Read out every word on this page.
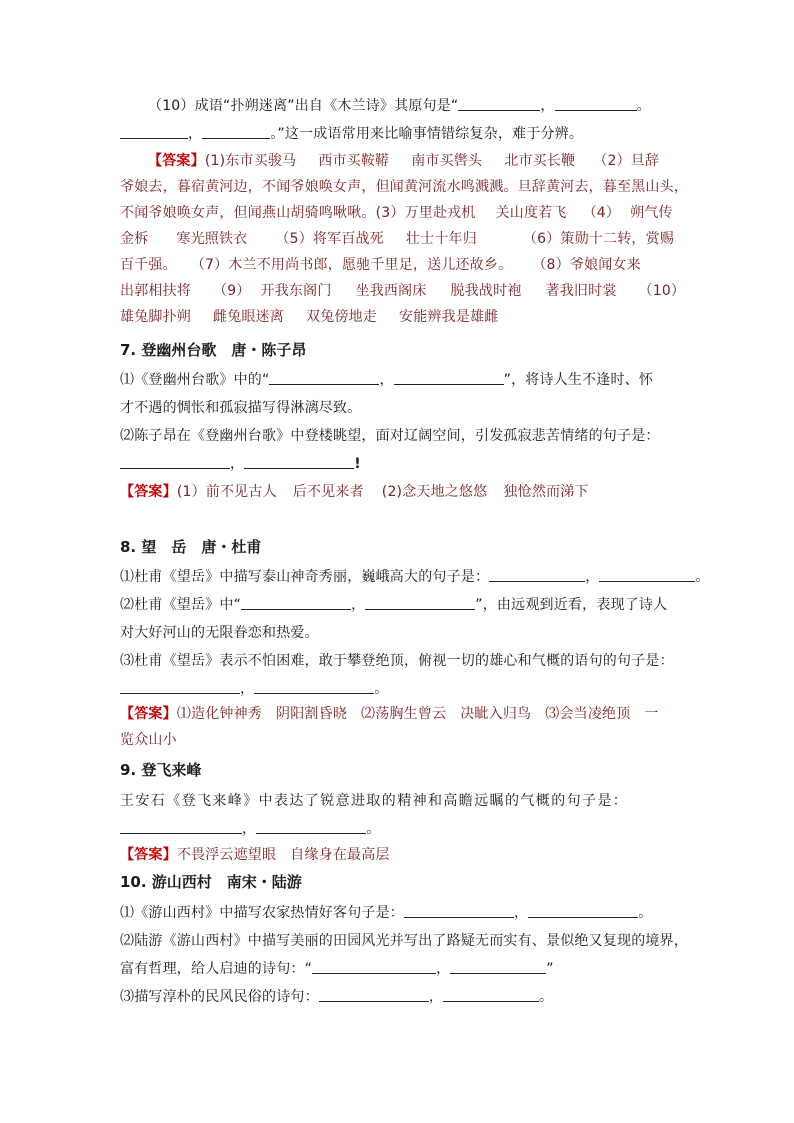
（10）成语“扑朔迷离”出自《木兰诗》其原句是“	，	。
，	。”这一成语常用来比喻事情错综复杂，难于分辨。
【答案】(1)东市买骏马 西市买鞍鞯 南市买辔头 北市买长鞭 （2）旦辞
爷娘去，暮宿黄河边，不闻爷娘唤女声，但闻黄河流水鸣溅溅。旦辞黄河去，暮至黑山头，
不闻爷娘唤女声，但闻燕山胡骑鸣啾啾。(3）万里赴戎机 关山度若飞 （4） 朔气传
金柝 寒光照铁衣 （5）将军百战死 壮士十年归	（6）策勋十二转，赏赐
百千强。 （7）木兰不用尚书郎，愿驰千里足，送儿还故乡。 （8）爷娘闻女来
出郭相扶将 （9） 开我东阁门 坐我西阁床 脱我战时袍 著我旧时裳 （10）
雄兔脚扑朔 雌兔眼迷离 双兔傍地走 安能辨我是雄雌
7. 登幽州台歌　唐・陈子昂
⑴《登幽州台歌》中的“	，	”，将诗人生不逢时、怀
才不遇的惆怅和孤寂描写得淋漓尽致。
⑵陈子昂在《登幽州台歌》中登楼眺望，面对辽阔空间，引发孤寂悲苦情绪的句子是：
，	!
【答案】(1）前不见古人 后不见来者 (2)念天地之悠悠 独怆然而涕下
8. 望　岳　唐・杜甫
⑴杜甫《望岳》中描写泰山神奇秀丽，巍峨高大的句子是：	，	。
⑵杜甫《望岳》中“	，	”，由远观到近看，表现了诗人
对大好河山的无限眷恋和热爱。
⑶杜甫《望岳》表示不怕困难，敢于攀登绝顶，俯视一切的雄心和气概的语句的句子是：
，	。
【答案】⑴造化钟神秀 阴阳割昏晓 ⑵荡胸生曾云 决眦入归鸟 ⑶会当凌绝顶 一
览众山小
9. 登飞来峰
王安石《登飞来峰》中表达了锐意进取的精神和高瞻远瞩的气概的句子是：
，	。
【答案】不畏浮云遮望眼 自缘身在最高层
10. 游山西村　南宋・陆游
⑴《游山西村》中描写农家热情好客句子是：	，	。
⑵陆游《游山西村》中描写美丽的田园风光并写出了路疑无而实有、景似绝又复现的境界，
富有哲理，给人启迪的诗句：“	，	”
⑶描写淳朴的民风民俗的诗句：	，	。
